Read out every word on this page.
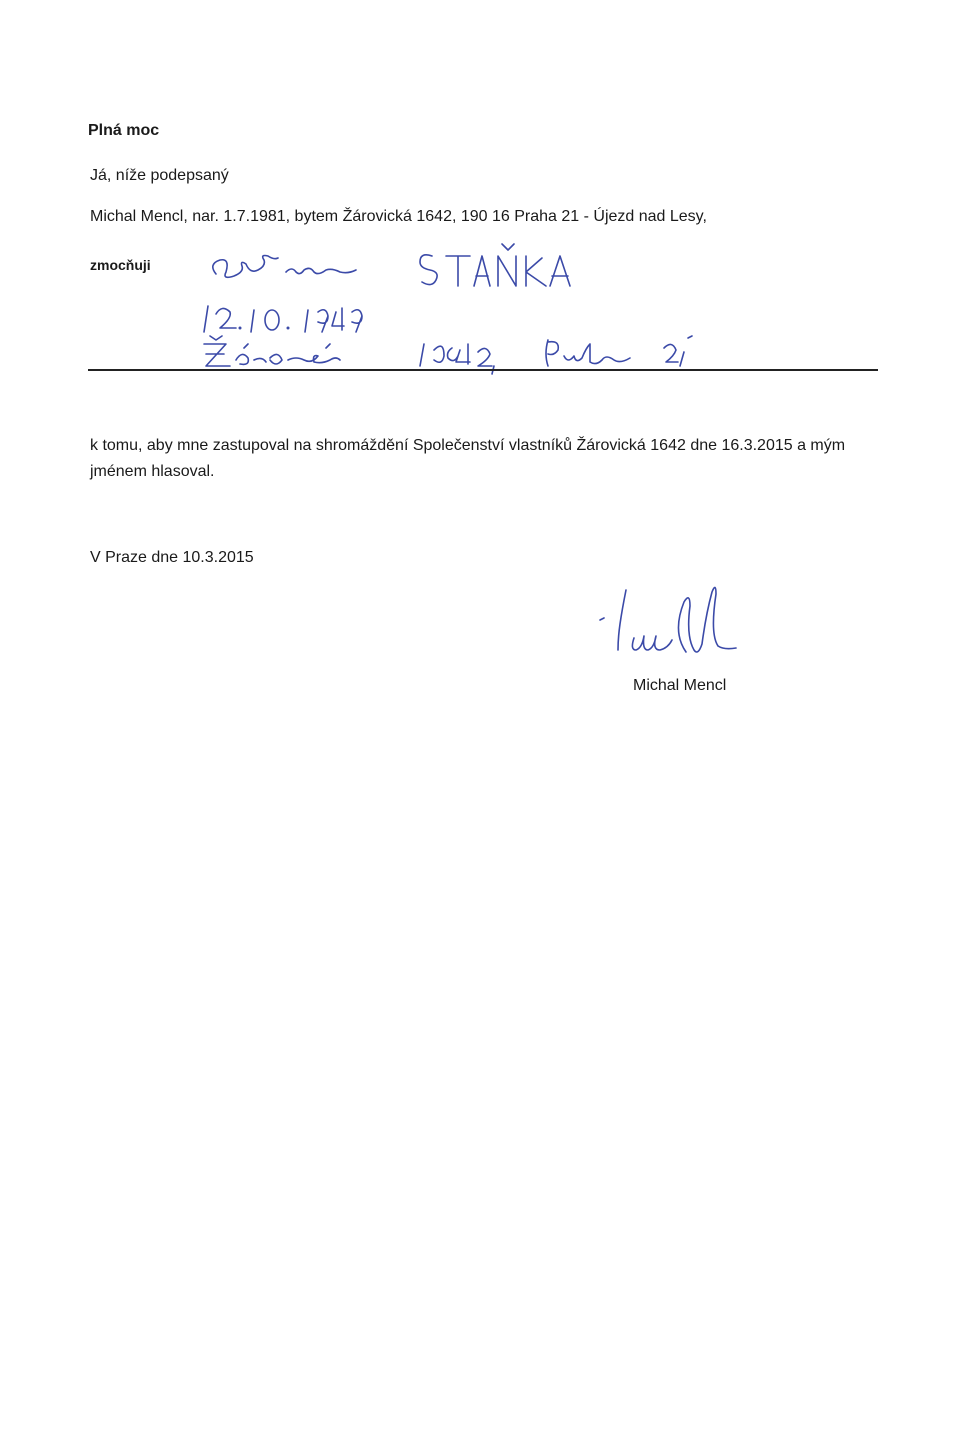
Plná moc
Já, níže podepsaný
Michal Mencl, nar. 1.7.1981, bytem Žárovická 1642, 190 16 Praha 21 - Újezd nad Lesy,
zmocňuji
k tomu, aby mne zastupoval na shromáždění Společenství vlastníků Žárovická 1642 dne 16.3.2015 a mým jménem hlasoval.
V Praze dne 10.3.2015
Michal Mencl
